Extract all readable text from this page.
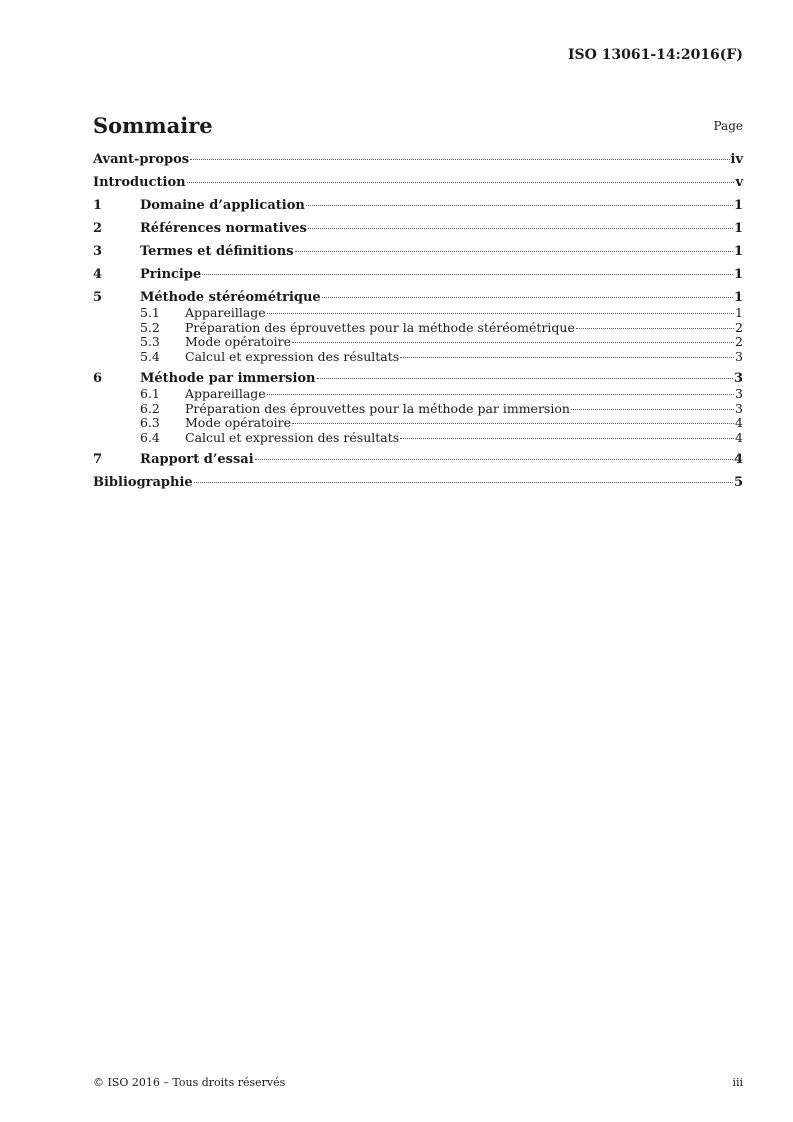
ISO 13061-14:2016(F)
Sommaire	Page
Avant-propos	iv
Introduction	v
1	Domaine d’application	1
2	Références normatives	1
3	Termes et définitions	1
4	Principe	1
5	Méthode stéréométrique	1
5.1	Appareillage	1
5.2	Préparation des éprouvettes pour la méthode stéréométrique	2
5.3	Mode opératoire	2
5.4	Calcul et expression des résultats	3
6	Méthode par immersion	3
6.1	Appareillage	3
6.2	Préparation des éprouvettes pour la méthode par immersion	3
6.3	Mode opératoire	4
6.4	Calcul et expression des résultats	4
7	Rapport d’essai	4
Bibliographie	5
© ISO 2016 – Tous droits réservés	iii
